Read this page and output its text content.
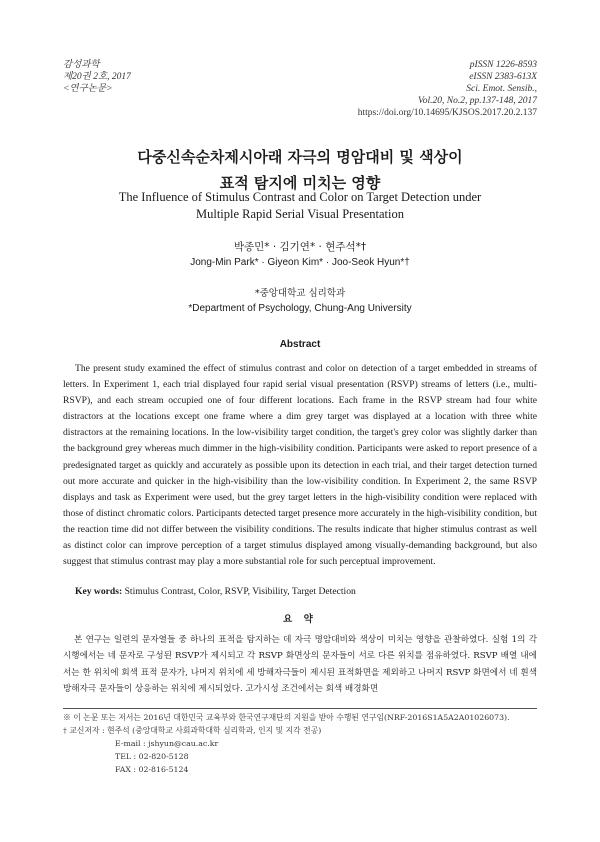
감성과학
제20권 2호, 2017
<연구논문>
pISSN 1226-8593
eISSN 2383-613X
Sci. Emot. Sensib.,
Vol.20, No.2, pp.137-148, 2017
https://doi.org/10.14695/KJSOS.2017.20.2.137
다중신속순차제시아래 자극의 명암대비 및 색상이
표적 탐지에 미치는 영향
The Influence of Stimulus Contrast and Color on Target Detection under
Multiple Rapid Serial Visual Presentation
박종민* · 김기연* · 현주석*†
Jong-Min Park* · Giyeon Kim* · Joo-Seok Hyun*†
*중앙대학교 심리학과
*Department of Psychology, Chung-Ang University
Abstract

The present study examined the effect of stimulus contrast and color on detection of a target embedded in streams of letters. In Experiment 1, each trial displayed four rapid serial visual presentation (RSVP) streams of letters (i.e., multi-RSVP), and each stream occupied one of four different locations. Each frame in the RSVP stream had four white distractors at the locations except one frame where a dim grey target was displayed at a location with three white distractors at the remaining locations. In the low-visibility target condition, the target's grey color was slightly darker than the background grey whereas much dimmer in the high-visibility condition. Participants were asked to report presence of a predesignated target as quickly and accurately as possible upon its detection in each trial, and their target detection turned out more accurate and quicker in the high-visibility than the low-visibility condition. In Experiment 2, the same RSVP displays and task as Experiment were used, but the grey target letters in the high-visibility condition were replaced with those of distinct chromatic colors. Participants detected target presence more accurately in the high-visibility condition, but the reaction time did not differ between the visibility conditions. The results indicate that higher stimulus contrast as well as distinct color can improve perception of a target stimulus displayed among visually-demanding background, but also suggest that stimulus contrast may play a more substantial role for such perceptual improvement.

Key words: Stimulus Contrast, Color, RSVP, Visibility, Target Detection

요 약

본 연구는 일련의 문자열들 중 하나의 표적을 탐지하는 데 자극 명암대비와 색상이 미치는 영향을 관찰하였다. 실험 1의 각 시행에서는 네 문자로 구성된 RSVP가 제시되고 각 RSVP 화면상의 문자들이 서로 다른 위치를 점유하였다. RSVP 배열 내에서는 한 위치에 회색 표적 문자가, 나머지 위치에 세 방해자극들이 제시된 표적화면을 제외하고 나머지 RSVP 화면에서 네 흰색 방해자극 문자들이 상응하는 위치에 제시되었다. 고가시성 조건에서는 회색 배경화면

※ 이 논문 또는 저서는 2016년 대한민국 교육부와 한국연구재단의 지원을 받아 수행된 연구임(NRF-2016S1A5A2A01026073).

† 교신저자 : 현주석 (중앙대학교 사회과학대학 심리학과, 인지 및 지각 전공)

E-mail : jshyun@cau.ac.kr
TEL : 02-820-5128
FAX : 02-816-5124
